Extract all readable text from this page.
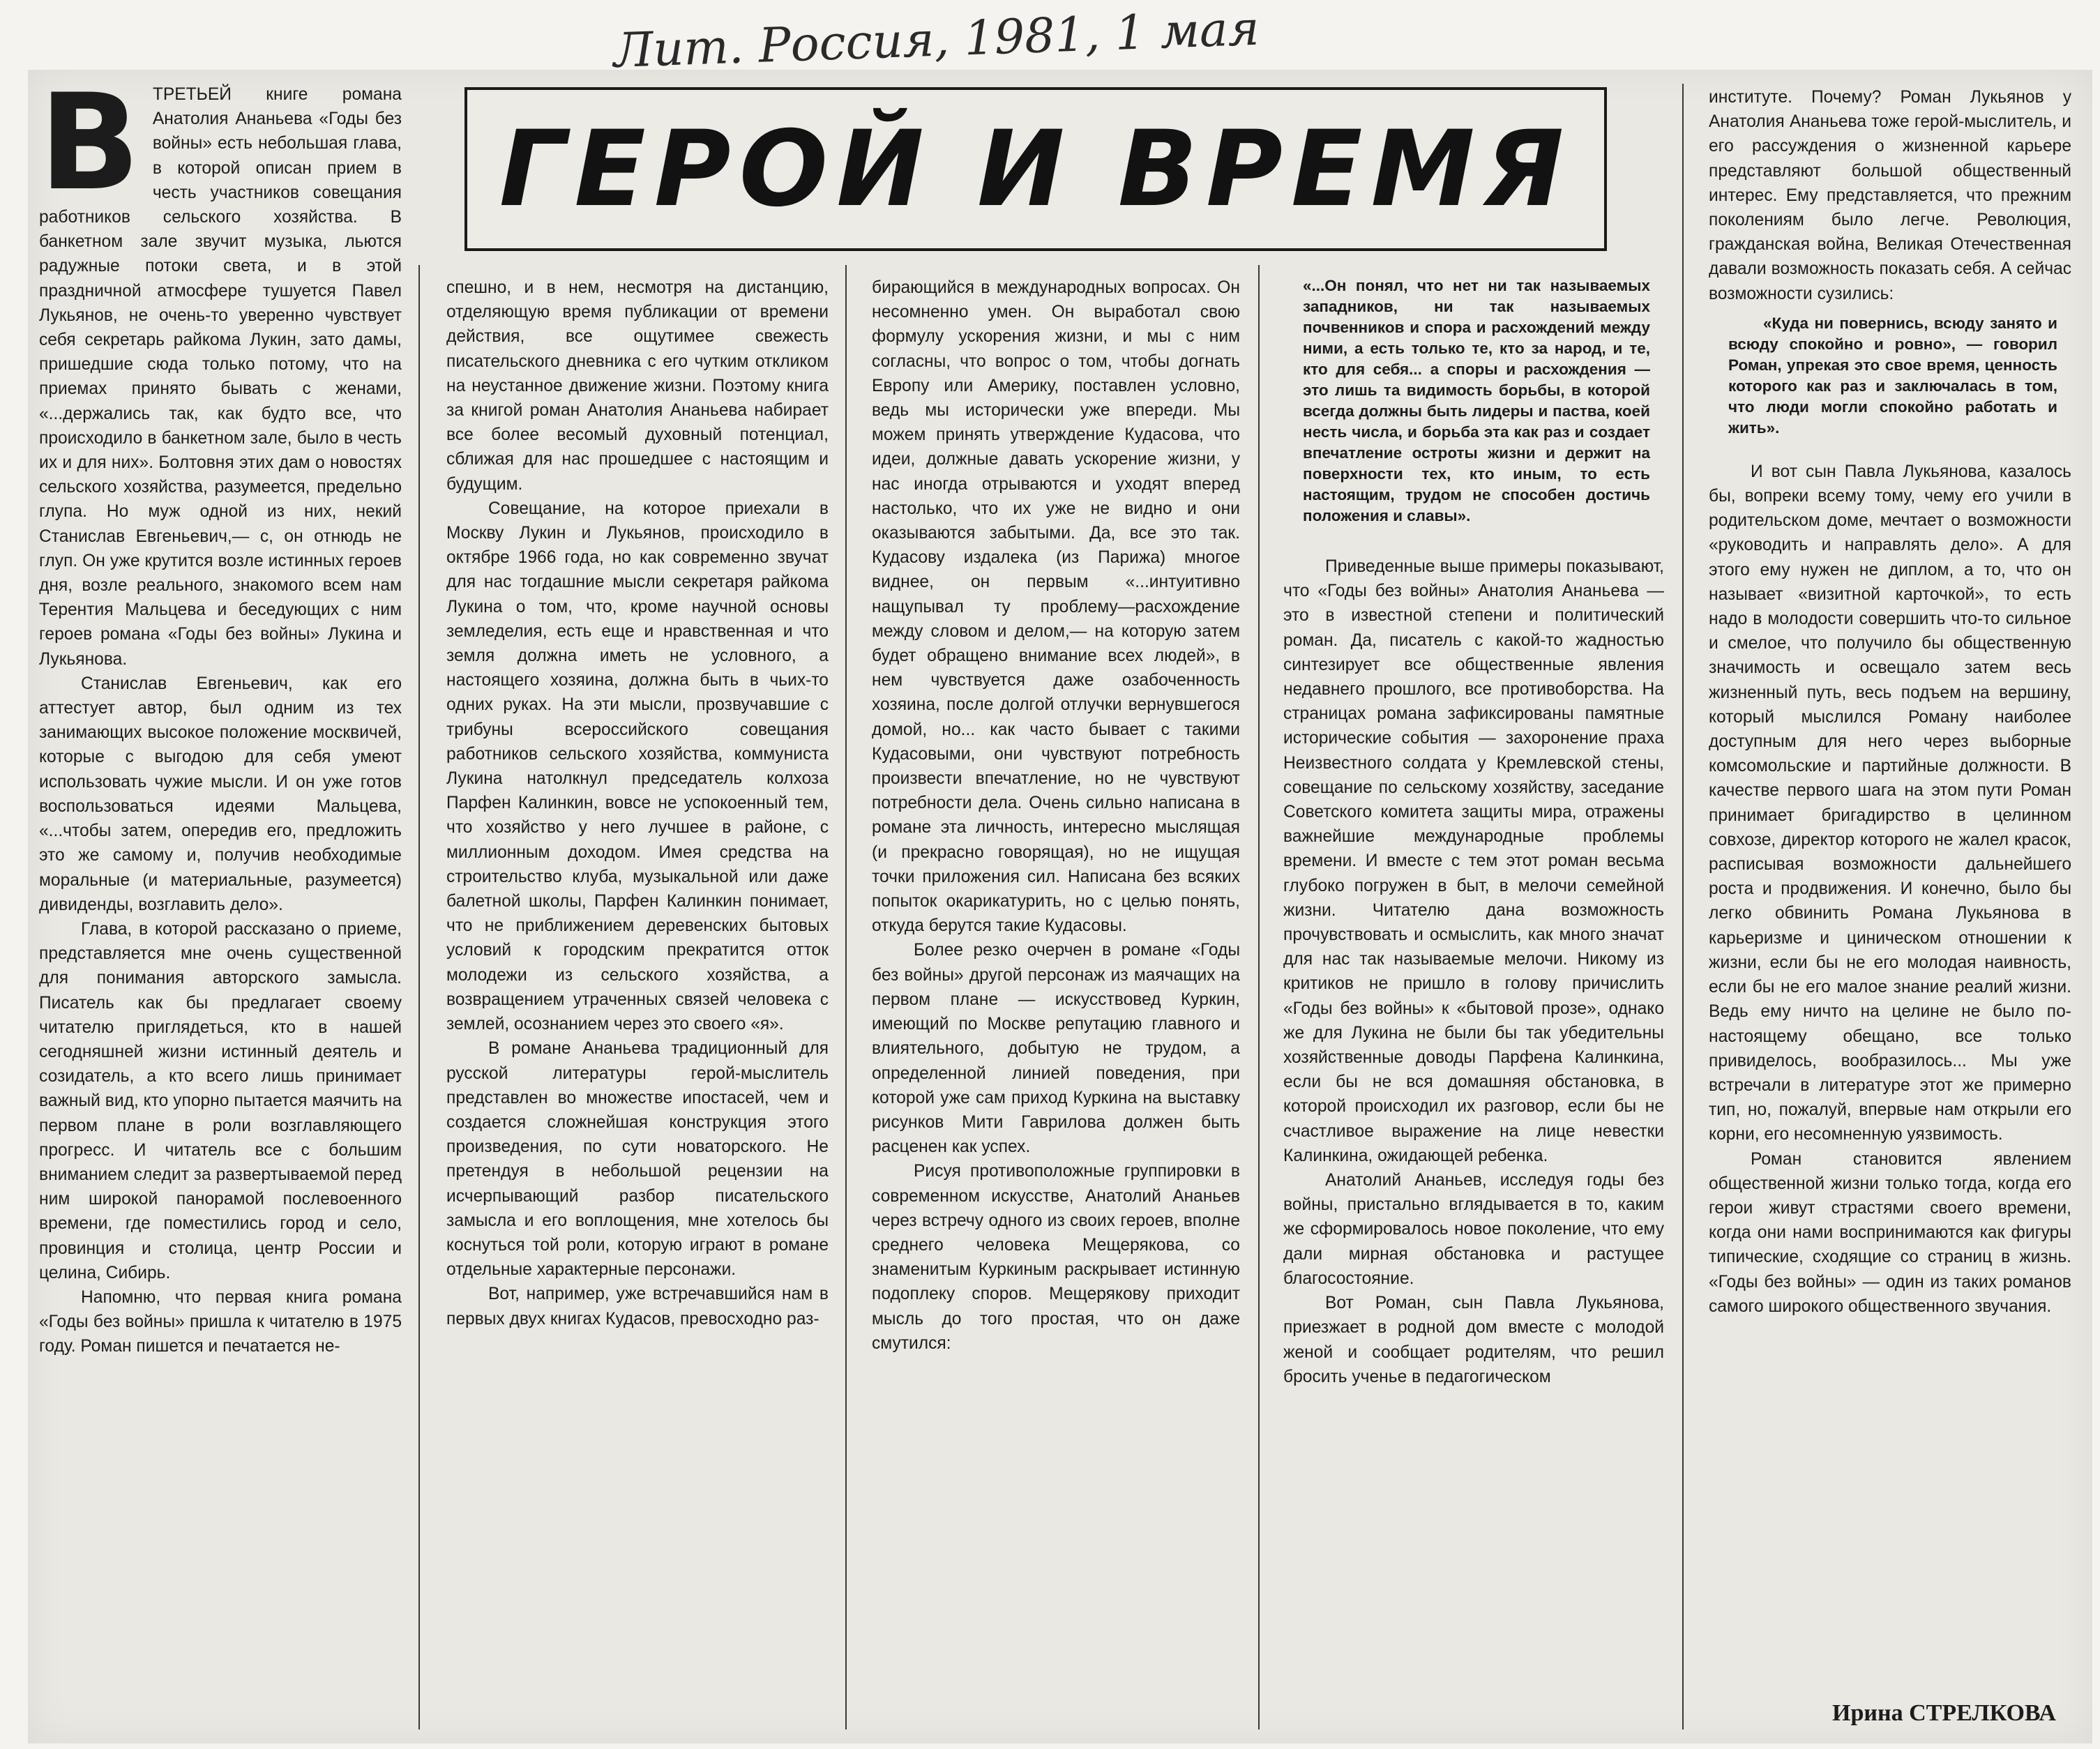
Лит. Россия, 1981, 1 мая
ГЕРОЙ И ВРЕМЯ
В ТРЕТЬЕЙ книге романа Анатолия Ананьева «Годы без войны» есть небольшая глава, в которой описан прием в честь участников совещания работников сельского хозяйства. В банкетном зале звучит музыка, льются радужные потоки света, и в этой праздничной атмосфере тушуется Павел Лукьянов, не очень-то уверенно чувствует себя секретарь райкома Лукин, зато дамы, пришедшие сюда только потому, что на приемах принято бывать с женами, «...держались так, как будто все, что происходило в банкетном зале, было в честь их и для них». Болтовня этих дам о новостях сельского хозяйства, разумеется, предельно глупа. Но муж одной из них, некий Станислав Евгеньевич,— с, он отнюдь не глуп. Он уже крутится возле истинных героев дня, возле реального, знакомого всем нам Терентия Мальцева и беседующих с ним героев романа «Годы без войны» Лукина и Лукьянова.

Станислав Евгеньевич, как его аттестует автор, был одним из тех занимающих высокое положение москвичей, которые с выгодою для себя умеют использовать чужие мысли. И он уже готов воспользоваться идеями Мальцева, «...чтобы затем, опередив его, предложить это же самому и, получив необходимые моральные (и материальные, разумеется) дивиденды, возглавить дело».

Глава, в которой рассказано о приеме, представляется мне очень существенной для понимания авторского замысла. Писатель как бы предлагает своему читателю приглядеться, кто в нашей сегодняшней жизни истинный деятель и созидатель, а кто всего лишь принимает важный вид, кто упорно пытается маячить на первом плане в роли возглавляющего прогресс. И читатель все с большим вниманием следит за развертываемой перед ним широкой панорамой послевоенного времени, где поместились город и село, провинция и столица, центр России и целина, Сибирь.

Напомню, что первая книга романа «Годы без войны» пришла к читателю в 1975 году. Роман пишется и печатается не-

спешно, и в нем, несмотря на дистанцию, отделяющую время публикации от времени действия, все ощутимее свежесть писательского дневника с его чутким откликом на неустанное движение жизни. Поэтому книга за книгой роман Анатолия Ананьева набирает все более весомый духовный потенциал, сближая для нас прошедшее с настоящим и будущим.

Совещание, на которое приехали в Москву Лукин и Лукьянов, происходило в октябре 1966 года, но как современно звучат для нас тогдашние мысли секретаря райкома Лукина о том, что, кроме научной основы земледелия, есть еще и нравственная и что земля должна иметь не условного, а настоящего хозяина, должна быть в чьих-то одних руках. На эти мысли, прозвучавшие с трибуны всероссийского совещания работников сельского хозяйства, коммуниста Лукина натолкнул председатель колхоза Парфен Калинкин, вовсе не успокоенный тем, что хозяйство у него лучшее в районе, с миллионным доходом. Имея средства на строительство клуба, музыкальной или даже балетной школы, Парфен Калинкин понимает, что не приближением деревенских бытовых условий к городским прекратится отток молодежи из сельского хозяйства, а возвращением утраченных связей человека с землей, осознанием через это своего «я».

В романе Ананьева традиционный для русской литературы герой-мыслитель представлен во множестве ипостасей, чем и создается сложнейшая конструкция этого произведения, по сути новаторского. Не претендуя в небольшой рецензии на исчерпывающий разбор писательского замысла и его воплощения, мне хотелось бы коснуться той роли, которую играют в романе отдельные характерные персонажи.

Вот, например, уже встречавшийся нам в первых двух книгах Кудасов, превосходно раз-

бирающийся в международных вопросах. Он несомненно умен. Он выработал свою формулу ускорения жизни, и мы с ним согласны, что вопрос о том, чтобы догнать Европу или Америку, поставлен условно, ведь мы исторически уже впереди. Мы можем принять утверждение Кудасова, что идеи, должные давать ускорение жизни, у нас иногда отрываются и уходят вперед настолько, что их уже не видно и они оказываются забытыми. Да, все это так. Кудасову издалека (из Парижа) многое виднее, он первым «...интуитивно нащупывал ту проблему—расхождение между словом и делом,— на которую затем будет обращено внимание всех людей», в нем чувствуется даже озабоченность хозяина, после долгой отлучки вернувшегося домой, но... как часто бывает с такими Кудасовыми, они чувствуют потребность произвести впечатление, но не чувствуют потребности дела. Очень сильно написана в романе эта личность, интересно мыслящая (и прекрасно говорящая), но не ищущая точки приложения сил. Написана без всяких попыток окарикатурить, но с целью понять, откуда берутся такие Кудасовы.

Более резко очерчен в романе «Годы без войны» другой персонаж из маячащих на первом плане — искусствовед Куркин, имеющий по Москве репутацию главного и влиятельного, добытую не трудом, а определенной линией поведения, при которой уже сам приход Куркина на выставку рисунков Мити Гаврилова должен быть расценен как успех.

Рисуя противоположные группировки в современном искусстве, Анатолий Ананьев через встречу одного из своих героев, вполне среднего человека Мещерякова, со знаменитым Куркиным раскрывает истинную подоплеку споров. Мещерякову приходит мысль до того простая, что он даже смутился:

«...Он понял, что нет ни так называемых западников, ни так называемых почвенников и спора и расхождений между ними, а есть только те, кто за народ, и те, кто для себя... а споры и расхождения — это лишь та видимость борьбы, в которой всегда должны быть лидеры и паства, коей несть числа, и борьба эта как раз и создает впечатление остроты жизни и держит на поверхности тех, кто иным, то есть настоящим, трудом не способен достичь положения и славы».

Приведенные выше примеры показывают, что «Годы без войны» Анатолия Ананьева — это в известной степени и политический роман. Да, писатель с какой-то жадностью синтезирует все общественные явления недавнего прошлого, все противоборства. На страницах романа зафиксированы памятные исторические события — захоронение праха Неизвестного солдата у Кремлевской стены, совещание по сельскому хозяйству, заседание Советского комитета защиты мира, отражены важнейшие международные проблемы времени. И вместе с тем этот роман весьма глубоко погружен в быт, в мелочи семейной жизни. Читателю дана возможность прочувствовать и осмыслить, как много значат для нас так называемые мелочи. Никому из критиков не пришло в голову причислить «Годы без войны» к «бытовой прозе», однако же для Лукина не были бы так убедительны хозяйственные доводы Парфена Калинкина, если бы не вся домашняя обстановка, в которой происходил их разговор, если бы не счастливое выражение на лице невестки Калинкина, ожидающей ребенка.

Анатолий Ананьев, исследуя годы без войны, пристально вглядывается в то, каким же сформировалось новое поколение, что ему дали мирная обстановка и растущее благосостояние.

Вот Роман, сын Павла Лукьянова, приезжает в родной дом вместе с молодой женой и сообщает родителям, что решил бросить ученье в педагогическом

институте. Почему? Роман Лукьянов у Анатолия Ананьева тоже герой-мыслитель, и его рассуждения о жизненной карьере представляют большой общественный интерес. Ему представляется, что прежним поколениям было легче. Революция, гражданская война, Великая Отечественная давали возможность показать себя. А сейчас возможности сузились:

«Куда ни повернись, всюду занято и всюду спокойно и ровно», — говорил Роман, упрекая это свое время, ценность которого как раз и заключалась в том, что люди могли спокойно работать и жить».

И вот сын Павла Лукьянова, казалось бы, вопреки всему тому, чему его учили в родительском доме, мечтает о возможности «руководить и направлять дело». А для этого ему нужен не диплом, а то, что он называет «визитной карточкой», то есть надо в молодости совершить что-то сильное и смелое, что получило бы общественную значимость и освещало затем весь жизненный путь, весь подъем на вершину, который мыслился Роману наиболее доступным для него через выборные комсомольские и партийные должности. В качестве первого шага на этом пути Роман принимает бригадирство в целинном совхозе, директор которого не жалел красок, расписывая возможности дальнейшего роста и продвижения. И конечно, было бы легко обвинить Романа Лукьянова в карьеризме и циническом отношении к жизни, если бы не его молодая наивность, если бы не его малое знание реалий жизни. Ведь ему ничто на целине не было по-настоящему обещано, все только привиделось, вообразилось... Мы уже встречали в литературе этот же примерно тип, но, пожалуй, впервые нам открыли его корни, его несомненную уязвимость.

Роман становится явлением общественной жизни только тогда, когда его герои живут страстями своего времени, когда они нами воспринимаются как фигуры типические, сходящие со страниц в жизнь. «Годы без войны» — один из таких романов самого широкого общественного звучания.

Ирина СТРЕЛКОВА
